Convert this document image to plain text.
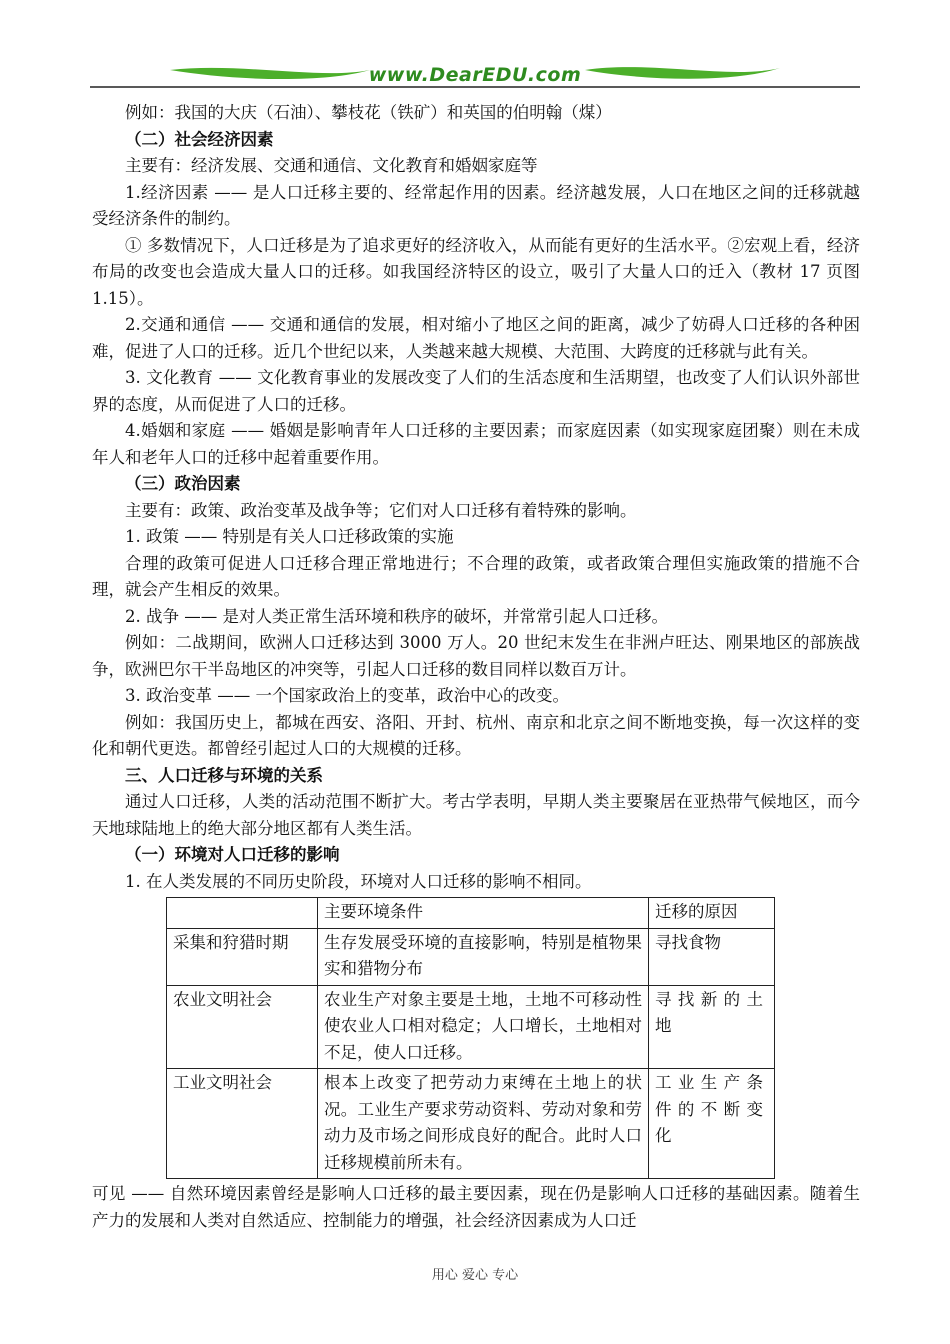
www.DearEDU.com

例如：我国的大庆（石油）、攀枝花（铁矿）和英国的伯明翰（煤）

（二）社会经济因素

主要有：经济发展、交通和通信、文化教育和婚姻家庭等

1.经济因素 —— 是人口迁移主要的、经常起作用的因素。经济越发展，人口在地区之间的迁移就越受经济条件的制约。

① 多数情况下，人口迁移是为了追求更好的经济收入，从而能有更好的生活水平。②宏观上看，经济布局的改变也会造成大量人口的迁移。如我国经济特区的设立，吸引了大量人口的迁入（教材 17 页图 1.15）。

2.交通和通信 —— 交通和通信的发展，相对缩小了地区之间的距离，减少了妨碍人口迁移的各种困难，促进了人口的迁移。近几个世纪以来，人类越来越大规模、大范围、大跨度的迁移就与此有关。

3. 文化教育 —— 文化教育事业的发展改变了人们的生活态度和生活期望，也改变了人们认识外部世界的态度，从而促进了人口的迁移。

4.婚姻和家庭 —— 婚姻是影响青年人口迁移的主要因素；而家庭因素（如实现家庭团聚）则在未成年人和老年人口的迁移中起着重要作用。

（三）政治因素

主要有：政策、政治变革及战争等；它们对人口迁移有着特殊的影响。

1. 政策 —— 特别是有关人口迁移政策的实施

合理的政策可促进人口迁移合理正常地进行；不合理的政策，或者政策合理但实施政策的措施不合理，就会产生相反的效果。

2. 战争 —— 是对人类正常生活环境和秩序的破坏，并常常引起人口迁移。

例如：二战期间，欧洲人口迁移达到 3000 万人。20 世纪末发生在非洲卢旺达、刚果地区的部族战争，欧洲巴尔干半岛地区的冲突等，引起人口迁移的数目同样以数百万计。

3. 政治变革 —— 一个国家政治上的变革，政治中心的改变。

例如：我国历史上，都城在西安、洛阳、开封、杭州、南京和北京之间不断地变换，每一次这样的变化和朝代更迭。都曾经引起过人口的大规模的迁移。

三、人口迁移与环境的关系

通过人口迁移，人类的活动范围不断扩大。考古学表明，早期人类主要聚居在亚热带气候地区，而今天地球陆地上的绝大部分地区都有人类生活。

（一）环境对人口迁移的影响

1. 在人类发展的不同历史阶段，环境对人口迁移的影响不相同。

	主要环境条件	迁移的原因
采集和狩猎时期	生存发展受环境的直接影响，特别是植物果实和猎物分布	寻找食物
农业文明社会	农业生产对象主要是土地，土地不可移动性使农业人口相对稳定；人口增长，土地相对不足，使人口迁移。	寻找新的土地
工业文明社会	根本上改变了把劳动力束缚在土地上的状况。工业生产要求劳动资料、劳动对象和劳动力及市场之间形成良好的配合。此时人口迁移规模前所未有。	工业生产条件的不断变化

可见 —— 自然环境因素曾经是影响人口迁移的最主要因素，现在仍是影响人口迁移的基础因素。随着生产力的发展和人类对自然适应、控制能力的增强，社会经济因素成为人口迁

用心 爱心 专心
